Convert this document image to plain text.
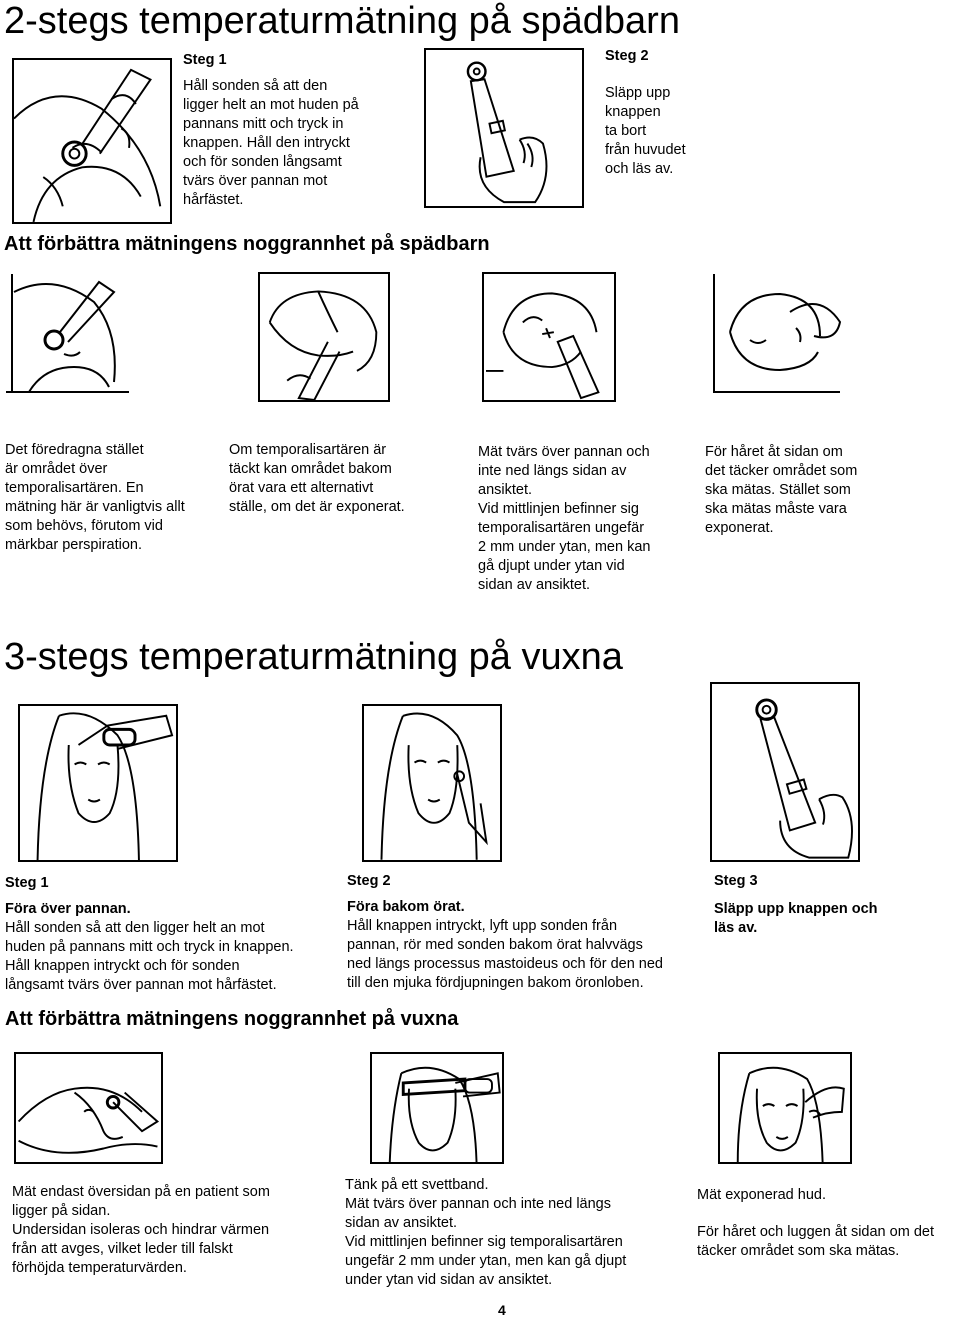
2-stegs temperaturmätning på spädbarn
Steg 1
Håll sonden så att den
ligger helt an mot huden på
pannans mitt och tryck in
knappen. Håll den intryckt
och för sonden långsamt
tvärs över pannan mot
hårfästet.
Steg 2
Släpp upp
knappen
ta bort
från huvudet
och läs av.
Att förbättra mätningens noggrannhet på spädbarn
Det föredragna stället
är området över
temporalisartären. En
mätning här är vanligtvis allt
som behövs, förutom vid
märkbar perspiration.
Om temporalisartären är
täckt kan området bakom
örat vara ett alternativt
ställe, om det är exponerat.
Mät tvärs över pannan och
inte ned längs sidan av
ansiktet.
Vid mittlinjen befinner sig
temporalisartären ungefär
2 mm under ytan, men kan
gå djupt under ytan vid
sidan av ansiktet.
För håret åt sidan om
det täcker området som
ska mätas. Stället som
ska mätas måste vara
exponerat.
3-stegs temperaturmätning på vuxna
Steg 1
Föra över pannan.
Håll sonden så att den ligger helt an mot
huden på pannans mitt och tryck in knappen.
Håll knappen intryckt och för sonden
långsamt tvärs över pannan mot hårfästet.
Steg 2
Föra bakom örat.
Håll knappen intryckt, lyft upp sonden från
pannan, rör med sonden bakom örat halvvägs
ned längs processus mastoideus och för den ned
till den mjuka fördjupningen bakom öronloben.
Steg 3
Släpp upp knappen och
läs av.
Att förbättra mätningens noggrannhet på vuxna
Mät endast översidan på en patient som
ligger på sidan.
Undersidan isoleras och hindrar värmen
från att avges, vilket leder till falskt
förhöjda temperaturvärden.
Tänk på ett svettband.
Mät tvärs över pannan och inte ned längs
sidan av ansiktet.
Vid mittlinjen befinner sig temporalisartären
ungefär 2 mm under ytan, men kan gå djupt
under ytan vid sidan av ansiktet.
Mät exponerad hud.
För håret och luggen åt sidan om det
täcker området som ska mätas.
4
